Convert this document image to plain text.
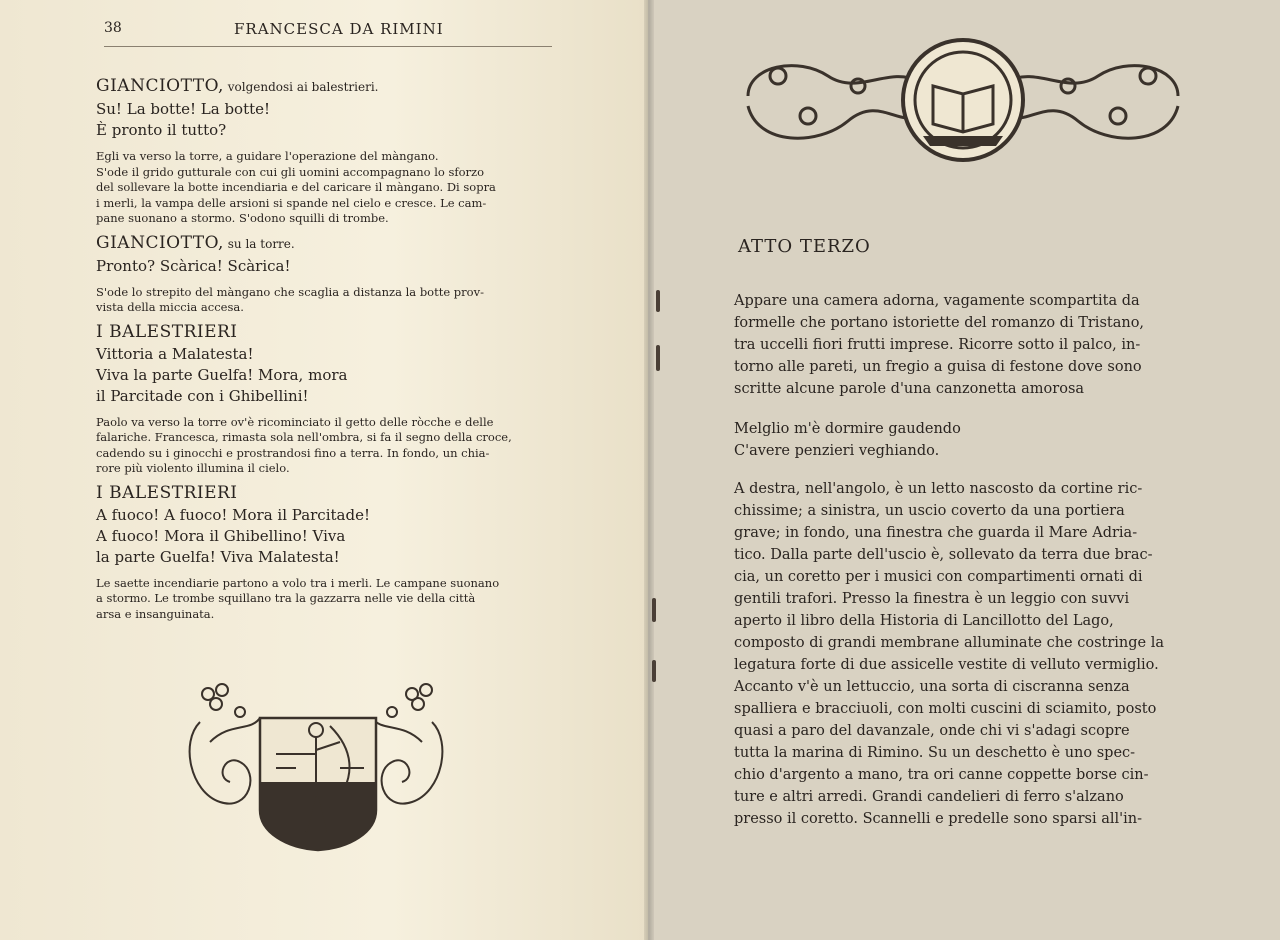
38	FRANCESCA DA RIMINI
GIANCIOTTO, volgendosi ai balestrieri.
Su! La botte! La botte!
È pronto il tutto?
Egli va verso la torre, a guidare l'operazione del màngano.
S'ode il grido gutturale con cui gli uomini accompagnano lo sforzo
del sollevare la botte incendiaria e del caricare il màngano. Di sopra
i merli, la vampa delle arsioni si spande nel cielo e cresce. Le cam-
pane suonano a stormo. S'odono squilli di trombe.
GIANCIOTTO, su la torre.
Pronto? Scàrica! Scàrica!
S'ode lo strepito del màngano che scaglia a distanza la botte prov-
vista della miccia accesa.
I BALESTRIERI
Vittoria a Malatesta!
Viva la parte Guelfa! Mora, mora
il Parcitade con i Ghibellini!
Paolo va verso la torre ov'è ricominciato il getto delle ròcche e delle
falariche. Francesca, rimasta sola nell'ombra, si fa il segno della croce,
cadendo su i ginocchi e prostrandosi fino a terra. In fondo, un chia-
rore più violento illumina il cielo.
I BALESTRIERI
A fuoco! A fuoco! Mora il Parcitade!
A fuoco! Mora il Ghibellino! Viva
la parte Guelfa! Viva Malatesta!
Le saette incendiarie partono a volo tra i merli. Le campane suonano
a stormo. Le trombe squillano tra la gazzarra nelle vie della città
arsa e insanguinata.
ATTO TERZO

Appare una camera adorna, vagamente scompartita da
formelle che portano istoriette del romanzo di Tristano,
tra uccelli fiori frutti imprese. Ricorre sotto il palco, in-
torno alle pareti, un fregio a guisa di festone dove sono
scritte alcune parole d'una canzonetta amorosa

Melglio m'è dormire gaudendo
C'avere penzieri veghiando.

A destra, nell'angolo, è un letto nascosto da cortine ric-
chissime; a sinistra, un uscio coverto da una portiera
grave; in fondo, una finestra che guarda il Mare Adria-
tico. Dalla parte dell'uscio è, sollevato da terra due brac-
cia, un coretto per i musici con compartimenti ornati di
gentili trafori. Presso la finestra è un leggio con suvvi
aperto il libro della Historia di Lancillotto del Lago,
composto di grandi membrane alluminate che costringe la
legatura forte di due assicelle vestite di velluto vermiglio.
Accanto v'è un lettuccio, una sorta di ciscranna senza
spalliera e bracciuoli, con molti cuscini di sciamito, posto
quasi a paro del davanzale, onde chi vi s'adagi scopre
tutta la marina di Rimino. Su un deschetto è uno spec-
chio d'argento a mano, tra ori canne coppette borse cin-
ture e altri arredi. Grandi candelieri di ferro s'alzano
presso il coretto. Scannelli e predelle sono sparsi all'in-
